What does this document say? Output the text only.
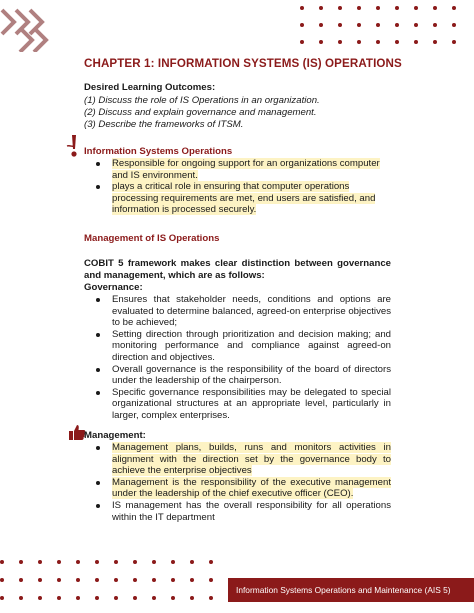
CHAPTER 1: INFORMATION SYSTEMS (IS) OPERATIONS
Desired Learning Outcomes:
(1) Discuss the role of IS Operations in an organization.
(2) Discuss and explain governance and management.
(3) Describe the frameworks of ITSM.
Information Systems Operations
Responsible for ongoing support for an organizations computer and IS environment.
plays a critical role in ensuring that computer operations processing requirements are met, end users are satisfied, and information is processed securely.
Management of IS Operations
COBIT 5 framework makes clear distinction between governance and management, which are as follows:
Governance:
Ensures that stakeholder needs, conditions and options are evaluated to determine balanced, agreed-on enterprise objectives to be achieved;
Setting direction through prioritization and decision making; and monitoring performance and compliance against agreed-on direction and objectives.
Overall governance is the responsibility of the board of directors under the leadership of the chairperson.
Specific governance responsibilities may be delegated to special organizational structures at an appropriate level, particularly in larger, complex enterprises.
Management:
Management plans, builds, runs and monitors activities in alignment with the direction set by the governance body to achieve the enterprise objectives
Management is the responsibility of the executive management under the leadership of the chief executive officer (CEO).
IS management has the overall responsibility for all operations within the IT department
Information Systems Operations and Maintenance (AIS 5)
